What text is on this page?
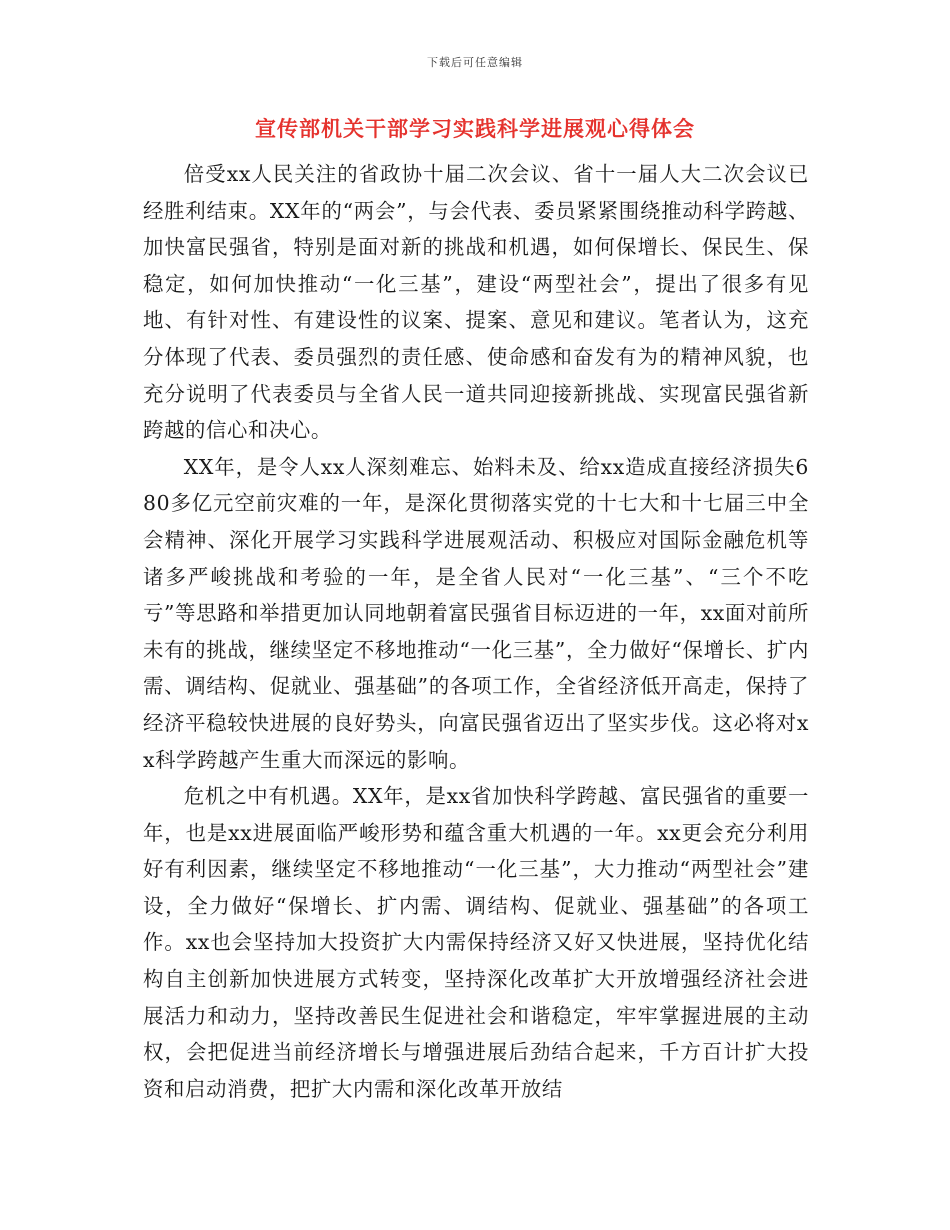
下载后可任意编辑
宣传部机关干部学习实践科学进展观心得体会

倍受xx人民关注的省政协十届二次会议、省十一届人大二次会议已经胜利结束。XX年的“两会”，与会代表、委员紧紧围绕推动科学跨越、加快富民强省，特别是面对新的挑战和机遇，如何保增长、保民生、保稳定，如何加快推动“一化三基”，建设“两型社会”，提出了很多有见地、有针对性、有建设性的议案、提案、意见和建议。笔者认为，这充分体现了代表、委员强烈的责任感、使命感和奋发有为的精神风貌，也充分说明了代表委员与全省人民一道共同迎接新挑战、实现富民强省新跨越的信心和决心。

XX年，是令人xx人深刻难忘、始料未及、给xx造成直接经济损失680多亿元空前灾难的一年，是深化贯彻落实党的十七大和十七届三中全会精神、深化开展学习实践科学进展观活动、积极应对国际金融危机等诸多严峻挑战和考验的一年，是全省人民对“一化三基”、“三个不吃亏”等思路和举措更加认同地朝着富民强省目标迈进的一年，xx面对前所未有的挑战，继续坚定不移地推动“一化三基”，全力做好“保增长、扩内需、调结构、促就业、强基础”的各项工作，全省经济低开高走，保持了经济平稳较快进展的良好势头，向富民强省迈出了坚实步伐。这必将对xx科学跨越产生重大而深远的影响。

危机之中有机遇。XX年，是xx省加快科学跨越、富民强省的重要一年，也是xx进展面临严峻形势和蕴含重大机遇的一年。xx更会充分利用好有利因素，继续坚定不移地推动“一化三基”，大力推动“两型社会”建设，全力做好“保增长、扩内需、调结构、促就业、强基础”的各项工作。xx也会坚持加大投资扩大内需保持经济又好又快进展，坚持优化结构自主创新加快进展方式转变，坚持深化改革扩大开放增强经济社会进展活力和动力，坚持改善民生促进社会和谐稳定，牢牢掌握进展的主动权，会把促进当前经济增长与增强进展后劲结合起来，千方百计扩大投资和启动消费，把扩大内需和深化改革开放结
